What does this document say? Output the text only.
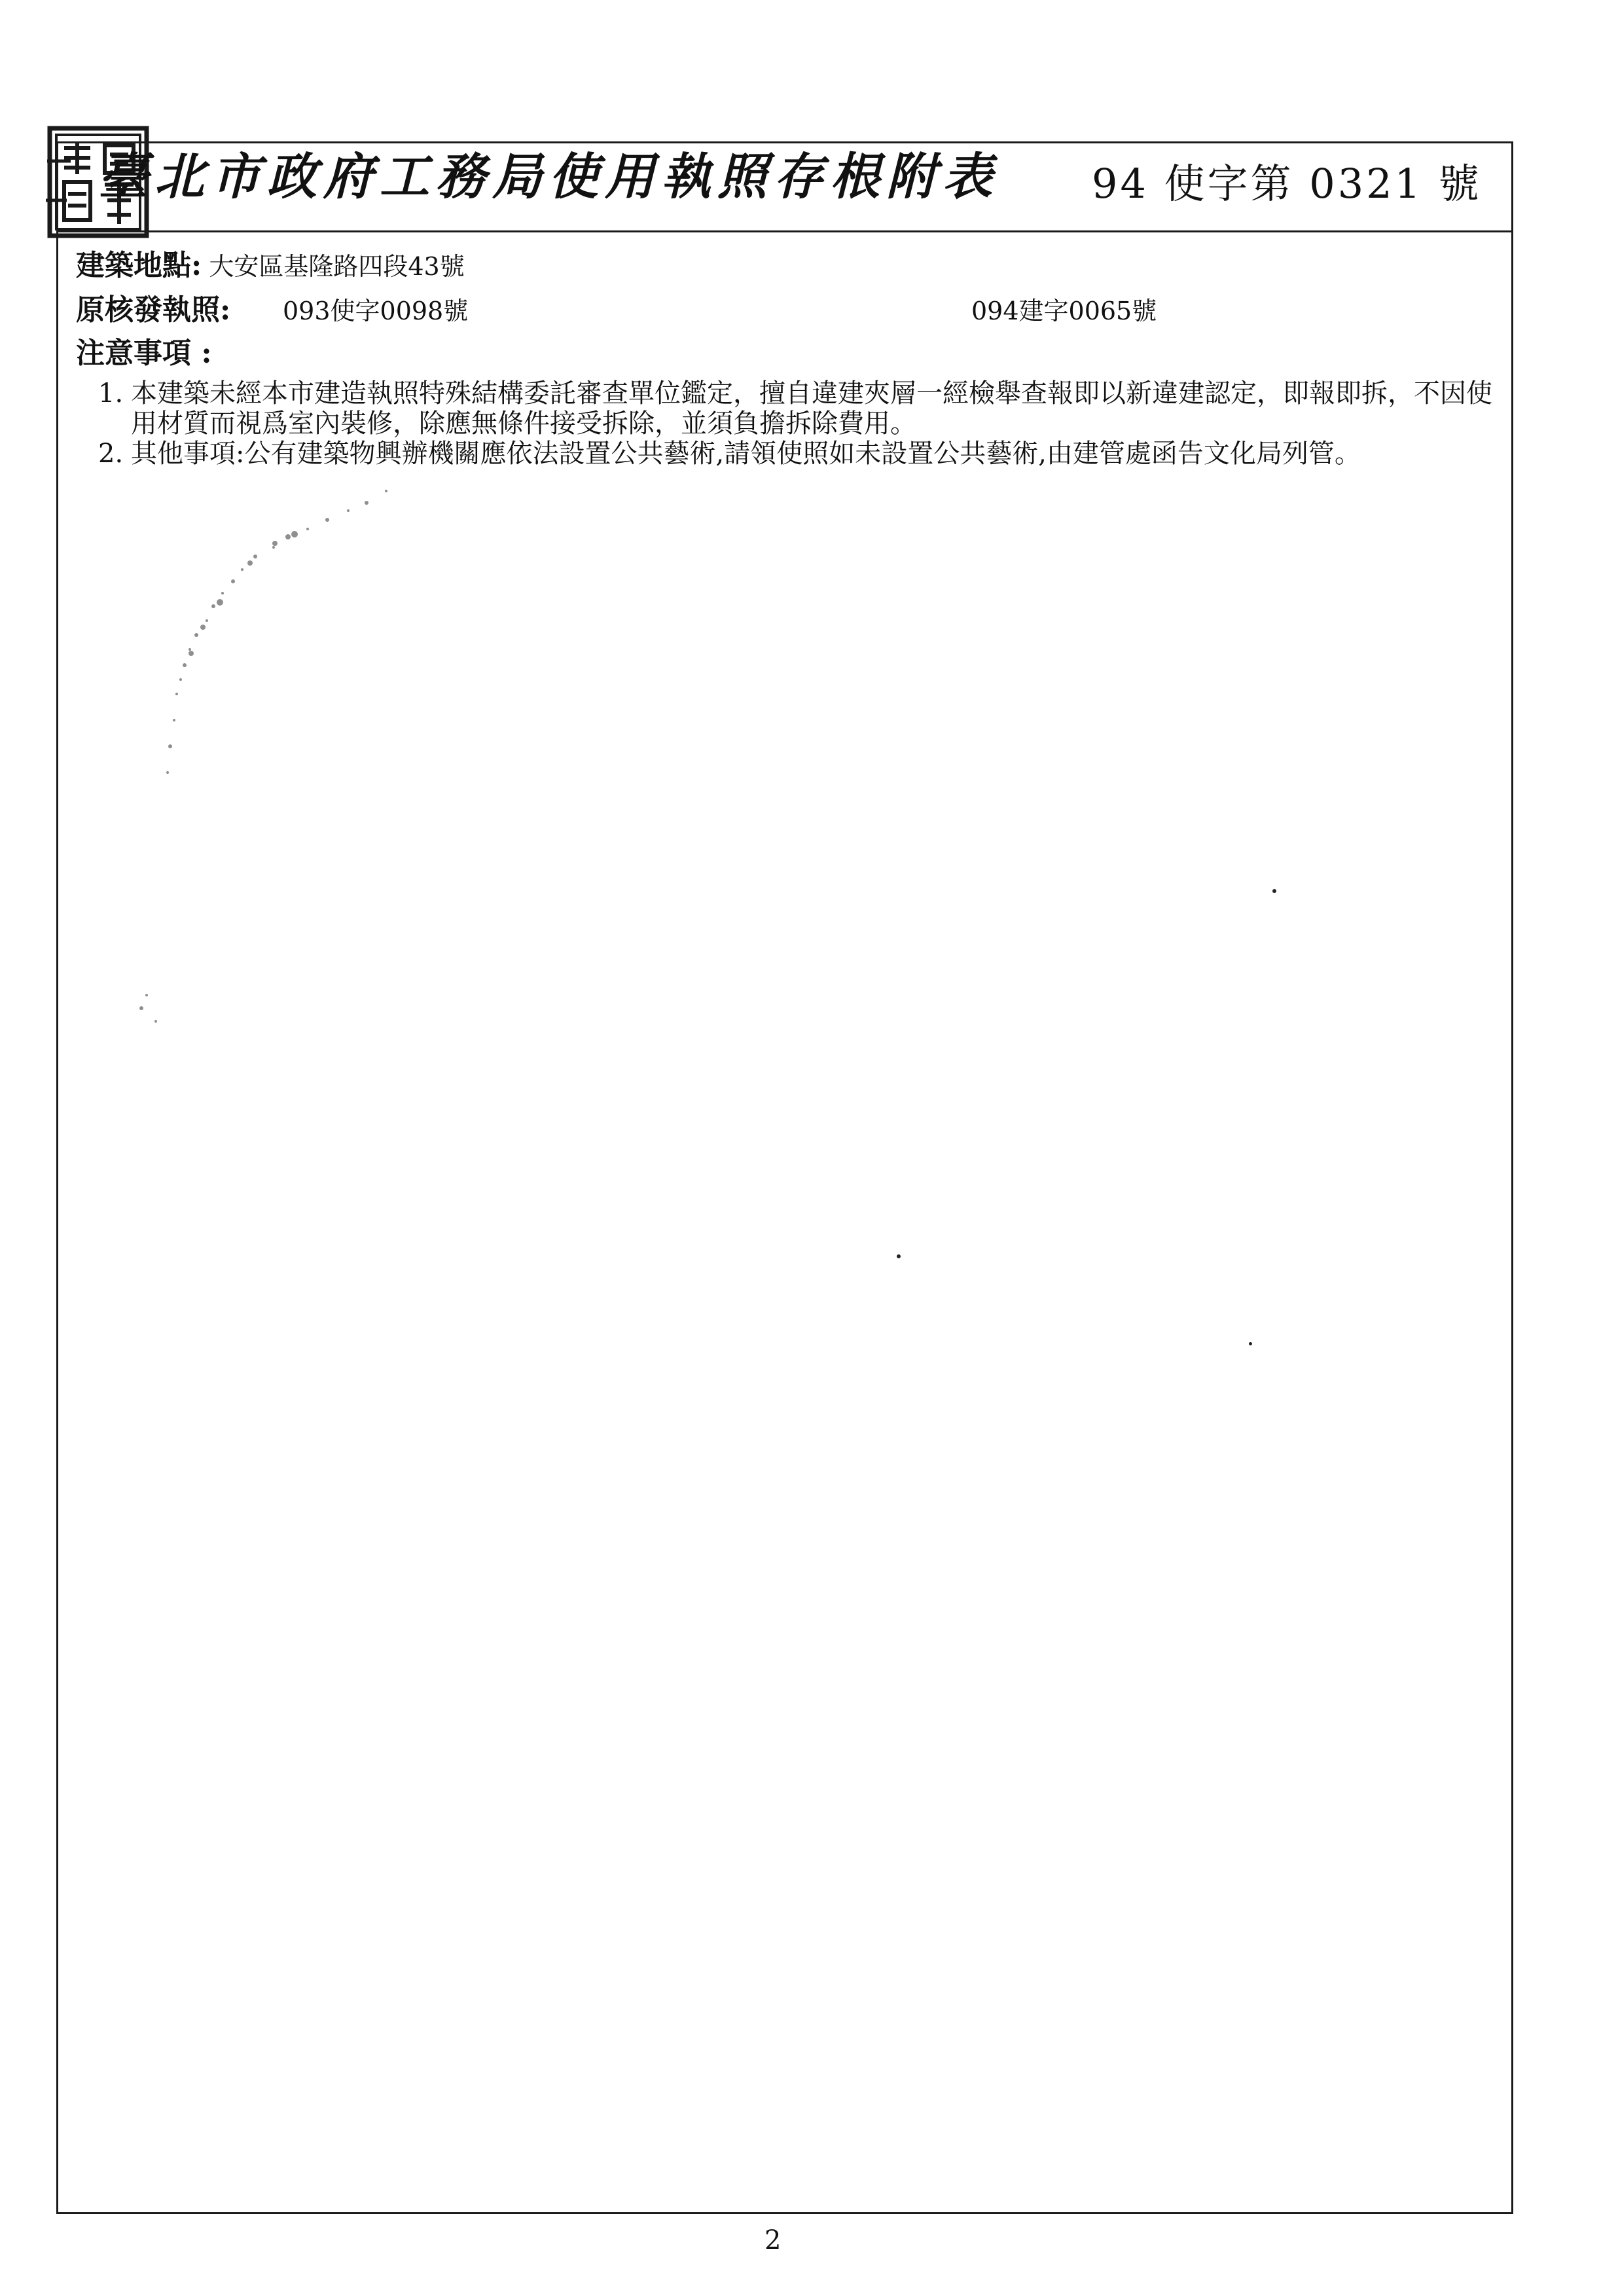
臺北市政府工務局使用執照存根附表 94 使字第 0321 號
建築地點: 大安區基隆路四段43號
原核發執照: 093使字0098號	094建字0065號
注意事項 :
1. 本建築未經本市建造執照特殊結構委託審查單位鑑定，擅自違建夾層一經檢舉查報即以新違建認定，即報即拆，不因使用材質而視爲室內裝修，除應無條件接受拆除，並須負擔拆除費用。
2. 其他事項:公有建築物興辦機關應依法設置公共藝術,請領使照如未設置公共藝術,由建管處函告文化局列管。
2
